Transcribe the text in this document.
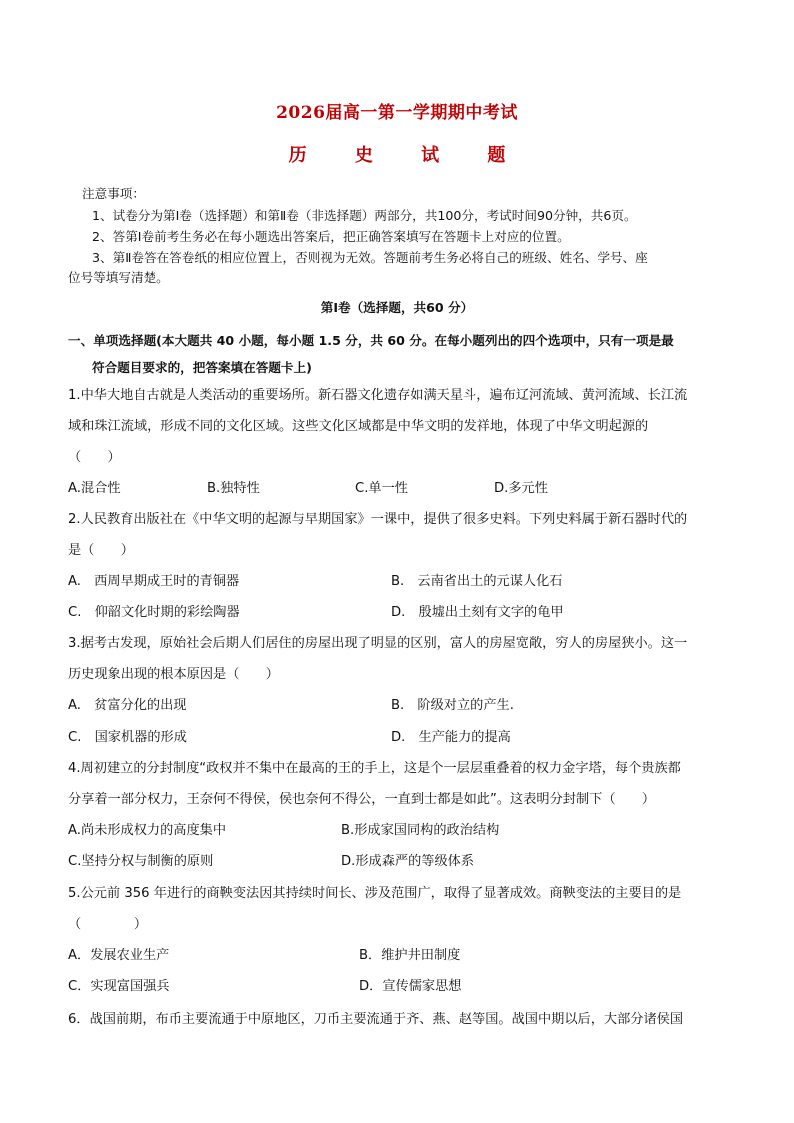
2026届高一第一学期期中考试
历	史	试	题
注意事项：
1、试卷分为第Ⅰ卷（选择题）和第Ⅱ卷（非选择题）两部分，共100分，考试时间90分钟，共6页。
2、答第Ⅰ卷前考生务必在每小题选出答案后，把正确答案填写在答题卡上对应的位置。
3、第Ⅱ卷答在答卷纸的相应位置上，否则视为无效。答题前考生务必将自己的班级、姓名、学号、座
位号等填写清楚。
第Ⅰ卷（选择题，共60 分）
一、单项选择题(本大题共 40 小题，每小题 1.5 分，共 60 分。在每小题列出的四个选项中，只有一项是最
符合题目要求的，把答案填在答题卡上)
1.中华大地自古就是人类活动的重要场所。新石器文化遗存如满天星斗，遍布辽河流域、黄河流域、长江流
域和珠江流域，形成不同的文化区域。这些文化区域都是中华文明的发祥地，体现了中华文明起源的
（　　）
A.混合性	B.独特性	C.单一性	D.多元性
2.人民教育出版社在《中华文明的起源与早期国家》一课中，提供了很多史料。下列史料属于新石器时代的
是（　　）
A.　西周早期成王时的青铜器	B.　云南省出土的元谋人化石
C.　仰韶文化时期的彩绘陶器	D.　殷墟出土刻有文字的龟甲
3.据考古发现，原始社会后期人们居住的房屋出现了明显的区别，富人的房屋宽敞，穷人的房屋狭小。这一
历史现象出现的根本原因是（　　）
A.　贫富分化的出现	B.　阶级对立的产生.
C.　国家机器的形成	D.　生产能力的提高
4.周初建立的分封制度“政权并不集中在最高的王的手上，这是个一层层重叠着的权力金字塔，每个贵族都
分享着一部分权力，王奈何不得侯，侯也奈何不得公，一直到士都是如此”。这表明分封制下（　　）
A.尚未形成权力的高度集中	B.形成家国同构的政治结构
C.坚持分权与制衡的原则	D.形成森严的等级体系
5.公元前 356 年进行的商鞅变法因其持续时间长、涉及范围广，取得了显著成效。商鞅变法的主要目的是
（　　　　）
A．发展农业生产	B．维护井田制度
C．实现富国强兵	D．宣传儒家思想
6．战国前期，布币主要流通于中原地区，刀币主要流通于齐、燕、赵等国。战国中期以后，大部分诸侯国
